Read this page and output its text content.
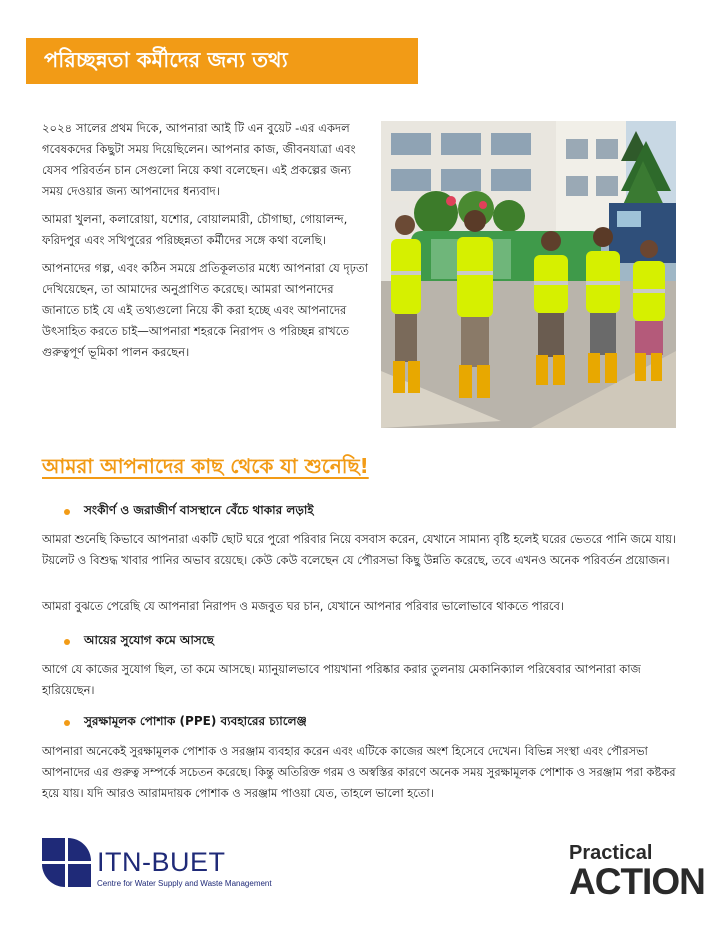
পরিচ্ছন্নতা কর্মীদের জন্য তথ্য

২০২৪ সালের প্রথম দিকে, আপনারা আই টি এন বুয়েট -এর একদল গবেষকদের কিছুটা সময় দিয়েছিলেন। আপনার কাজ, জীবনযাত্রা এবং যেসব পরিবর্তন চান সেগুলো নিয়ে কথা বলেছেন। এই প্রকল্পের জন্য সময় দেওয়ার জন্য আপনাদের ধন্যবাদ।

আমরা খুলনা, কলারোয়া, যশোর, বোয়ালমারী, চৌগাছা, গোয়ালন্দ, ফরিদপুর এবং সখিপুরের পরিচ্ছন্নতা কর্মীদের সঙ্গে কথা বলেছি।

আপনাদের গল্প, এবং কঠিন সময়ে প্রতিকূলতার মধ্যে আপনারা যে দৃঢ়তা দেখিয়েছেন, তা আমাদের অনুপ্রাণিত করেছে। আমরা আপনাদের জানাতে চাই যে এই তথ্যগুলো নিয়ে কী করা হচ্ছে এবং আপনাদের উৎসাহিত করতে চাই—আপনারা শহরকে নিরাপদ ও পরিচ্ছন্ন রাখতে গুরুত্বপূর্ণ ভূমিকা পালন করছেন।

আমরা আপনাদের কাছ থেকে যা শুনেছি!
সংকীর্ণ ও জরাজীর্ণ বাসস্থানে বেঁচে থাকার লড়াই
আমরা শুনেছি কিভাবে আপনারা একটি ছোট ঘরে পুরো পরিবার নিয়ে বসবাস করেন, যেখানে সামান্য বৃষ্টি হলেই ঘরের ভেতরে পানি জমে যায়। টয়লেট ও বিশুদ্ধ খাবার পানির অভাব রয়েছে। কেউ কেউ বলেছেন যে পৌরসভা কিছু উন্নতি করেছে, তবে এখনও অনেক পরিবর্তন প্রয়োজন।
আমরা বুঝতে পেরেছি যে আপনারা নিরাপদ ও মজবুত ঘর চান, যেখানে আপনার পরিবার ভালোভাবে থাকতে পারবে।
আয়ের সুযোগ কমে আসছে
আগে যে কাজের সুযোগ ছিল, তা কমে আসছে। ম্যানুয়ালভাবে পায়খানা পরিষ্কার করার তুলনায় মেকানিক্যাল পরিষেবার আপনারা কাজ হারিয়েছেন।
সুরক্ষামূলক পোশাক (PPE) ব্যবহারের চ্যালেঞ্জ
আপনারা অনেকেই সুরক্ষামূলক পোশাক ও সরঞ্জাম ব্যবহার করেন এবং এটিকে কাজের অংশ হিসেবে দেখেন। বিভিন্ন সংস্থা এবং পৌরসভা আপনাদের এর গুরুত্ব সম্পর্কে সচেতন করেছে। কিন্তু অতিরিক্ত গরম ও অস্বস্তির কারণে অনেক সময় সুরক্ষামূলক পোশাক ও সরঞ্জাম পরা কষ্টকর হয়ে যায়। যদি আরও আরামদায়ক পোশাক ও সরঞ্জাম পাওয়া যেত, তাহলে ভালো হতো।
ITN-BUET
Centre for Water Supply and Waste Management
Practical
ACTION
